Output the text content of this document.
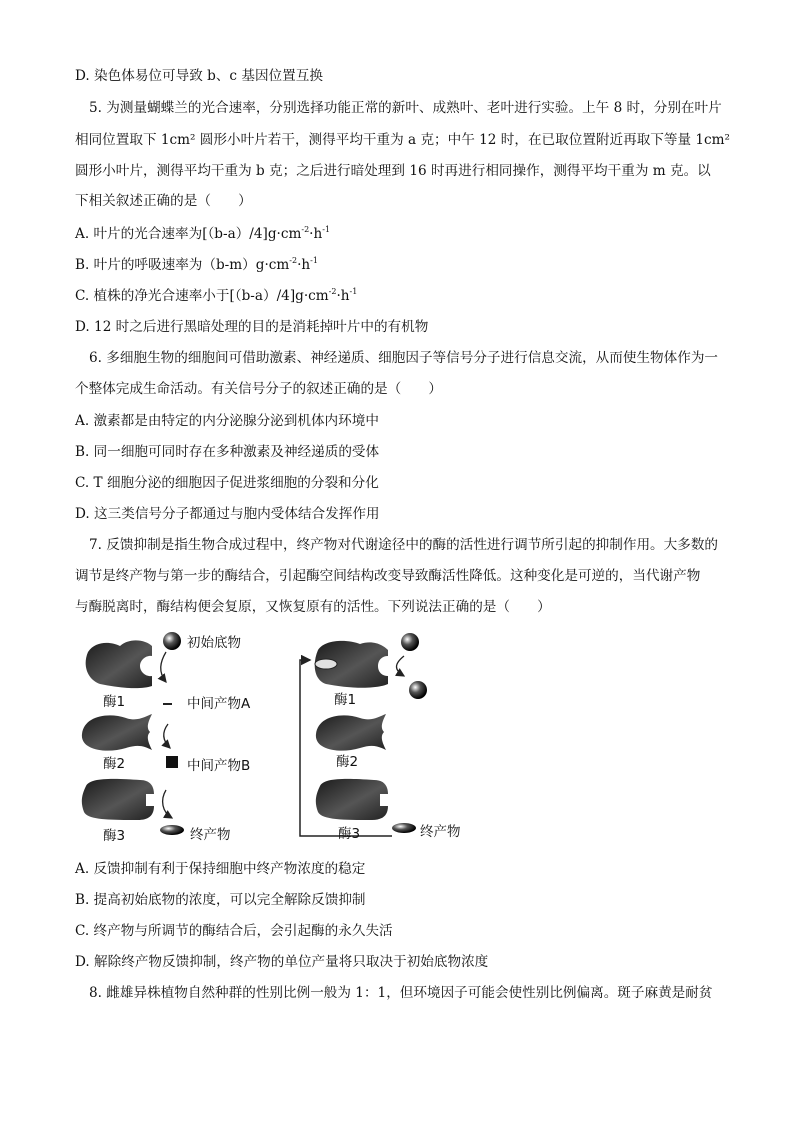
D. 染色体易位可导致 b、c 基因位置互换
5. 为测量蝴蝶兰的光合速率，分别选择功能正常的新叶、成熟叶、老叶进行实验。上午 8 时，分别在叶片
相同位置取下 1cm² 圆形小叶片若干，测得平均干重为 a 克；中午 12 时，在已取位置附近再取下等量 1cm²
圆形小叶片，测得平均干重为 b 克；之后进行暗处理到 16 时再进行相同操作，测得平均干重为 m 克。以
下相关叙述正确的是（　　）
A. 叶片的光合速率为$[(b-a)/4]g\cdot cm^{-2}\cdot h^{-1}$
B. 叶片的呼吸速率为$(b-m)g\cdot cm^{-2}\cdot h^{-1}$
C. 植株的净光合速率小于$[(b-a)/4]g\cdot cm^{-2}\cdot h^{-1}$
D. 12 时之后进行黑暗处理的目的是消耗掉叶片中的有机物
6. 多细胞生物的细胞间可借助激素、神经递质、细胞因子等信号分子进行信息交流，从而使生物体作为一
个整体完成生命活动。有关信号分子的叙述正确的是（　　）
A. 激素都是由特定的内分泌腺分泌到机体内环境中
B. 同一细胞可同时存在多种激素及神经递质的受体
C. T 细胞分泌的细胞因子促进浆细胞的分裂和分化
D. 这三类信号分子都通过与胞内受体结合发挥作用
7. 反馈抑制是指生物合成过程中，终产物对代谢途径中的酶的活性进行调节所引起的抑制作用。大多数的
调节是终产物与第一步的酶结合，引起酶空间结构改变导致酶活性降低。这种变化是可逆的，当代谢产物
与酶脱离时，酶结构便会复原，又恢复原有的活性。下列说法正确的是（　　）
初始底物
酶1	中间产物A
酶2	中间产物B
酶3	终产物
酶1
酶2
酶3	终产物
A. 反馈抑制有利于保持细胞中终产物浓度的稳定
B. 提高初始底物的浓度，可以完全解除反馈抑制
C. 终产物与所调节的酶结合后，会引起酶的永久失活
D. 解除终产物反馈抑制，终产物的单位产量将只取决于初始底物浓度
8. 雌雄异株植物自然种群的性别比例一般为 1：1，但环境因子可能会使性别比例偏离。斑子麻黄是耐贫
